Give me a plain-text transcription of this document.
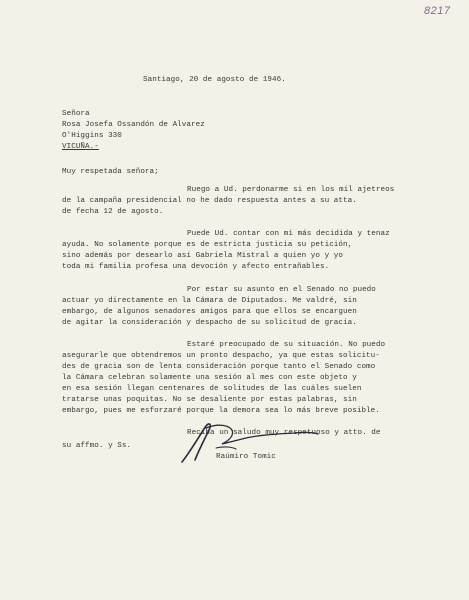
8217
Santiago, 20 de agosto de 1946.
Señora
Rosa Josefa Ossandón de Alvarez
O'Higgins 330
VICUÑA.-
Muy respetada señora;
Ruego a Ud. perdonarme si en los mil ajetreos
de la campaña presidencial no he dado respuesta antes a su atta.
de fecha 12 de agosto.
Puede Ud. contar con mi más decidida y tenaz
ayuda. No solamente porque es de estricta justicia su petición,
sino además por desearlo así Gabriela Mistral a quien yo y yo
toda mi familia profesa una devoción y afecto entrañables.
Por estar su asunto en el Senado no puedo
actuar yo directamente en la Cámara de Diputados. Me valdré, sin
embargo, de algunos senadores amigos para que ellos se encarguen
de agitar la consideración y despacho de su solicitud de gracia.
Estaré preocupado de su situación. No puedo
asegurarle que obtendremos un pronto despacho, ya que estas solicitu-
des de gracia son de lenta consideración porque tanto el Senado como
la Cámara celebran solamente una sesión al mes con este objeto y
en esa sesión llegan centenares de solitudes de las cuáles suelen
tratarse unas poquitas. No se desaliente por estas palabras, sin
embargo, pues me esforzaré porque la demora sea lo más breve posible.
Reciba un saludo muy respetuoso y atto. de
su affmo. y Ss.
Raúmiro Tomic
